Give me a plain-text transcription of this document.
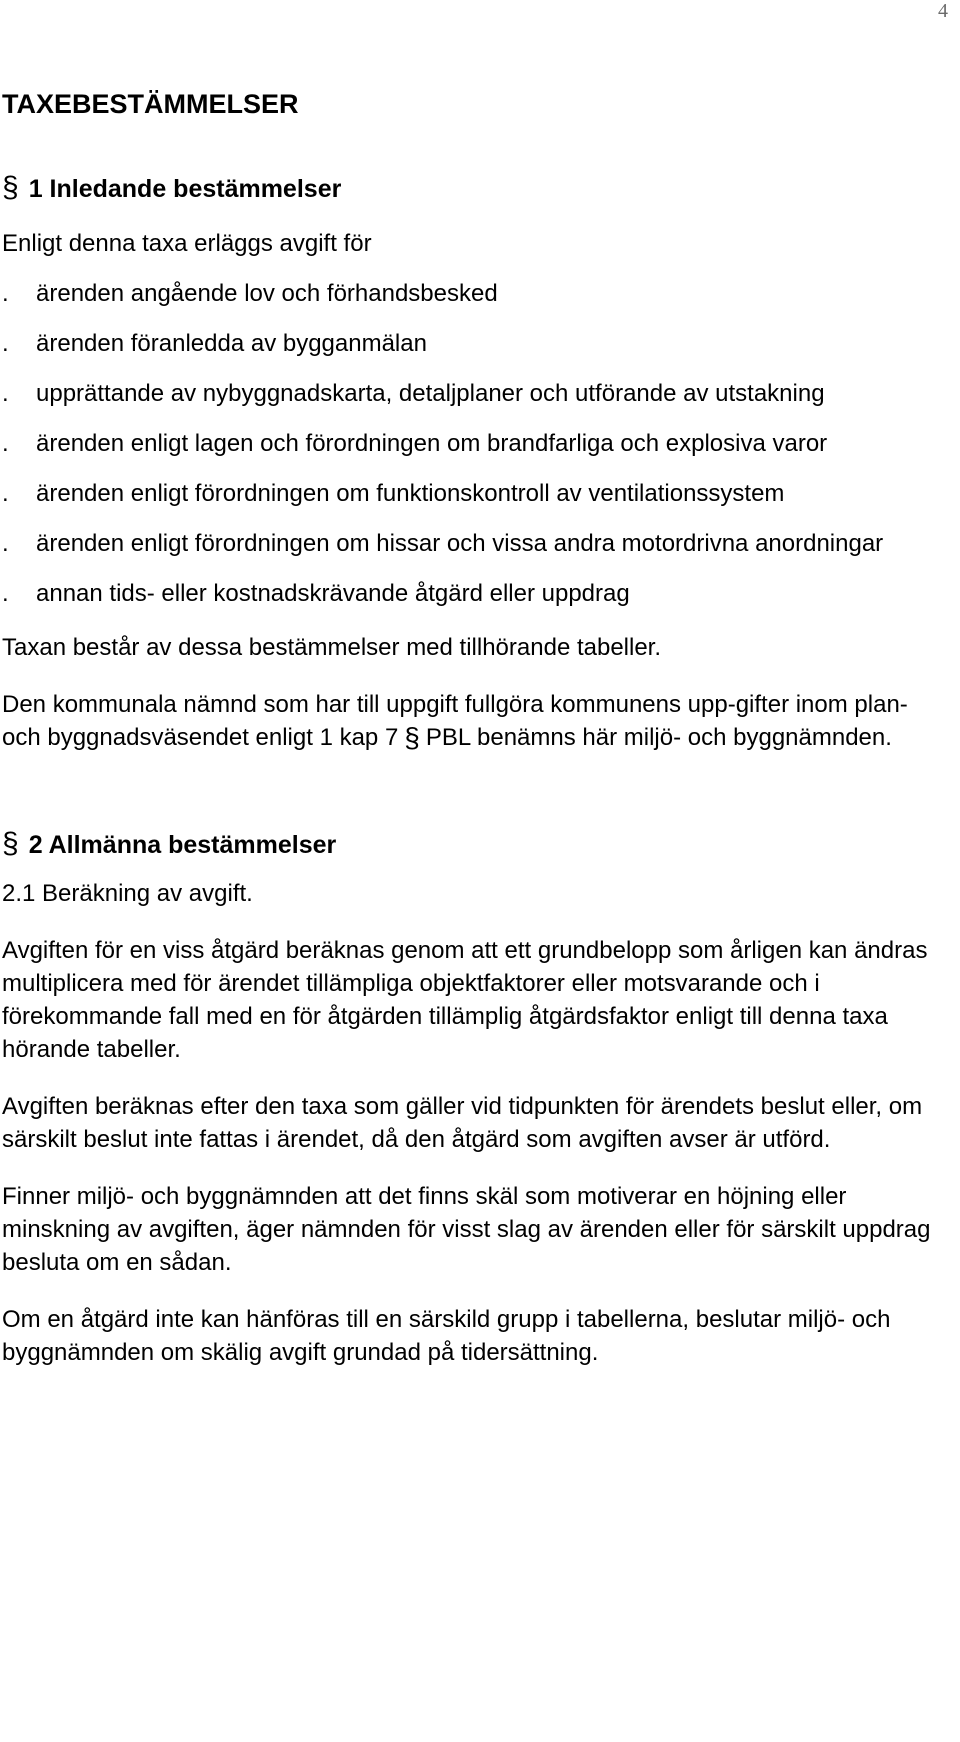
4
TAXEBESTÄMMELSER
§ 1 Inledande bestämmelser

Enligt denna taxa erläggs avgift för

. ärenden angående lov och förhandsbesked
. ärenden föranledda av bygganmälan
. upprättande av nybyggnadskarta, detaljplaner och utförande av utstakning
. ärenden enligt lagen och förordningen om brandfarliga och explosiva varor
. ärenden enligt förordningen om funktionskontroll av ventilationssystem
. ärenden enligt förordningen om hissar och vissa andra motordrivna anordningar
. annan tids- eller kostnadskrävande åtgärd eller uppdrag

Taxan består av dessa bestämmelser med tillhörande tabeller.

Den kommunala nämnd som har till uppgift fullgöra kommunens upp-gifter inom plan- och byggnadsväsendet enligt 1 kap 7 § PBL benämns här miljö- och byggnämnden.

§ 2 Allmänna bestämmelser

2.1 Beräkning av avgift.

Avgiften för en viss åtgärd beräknas genom att ett grundbelopp som årligen kan ändras multiplicera med för ärendet tillämpliga objektfaktorer eller motsvarande och i förekommande fall med en för åtgärden tillämplig åtgärdsfaktor enligt till denna taxa hörande tabeller.

Avgiften beräknas efter den taxa som gäller vid tidpunkten för ärendets beslut eller, om särskilt beslut inte fattas i ärendet, då den åtgärd som avgiften avser är utförd.

Finner miljö- och byggnämnden att det finns skäl som motiverar en höjning eller minskning av avgiften, äger nämnden för visst slag av ärenden eller för särskilt uppdrag besluta om en sådan.

Om en åtgärd inte kan hänföras till en särskild grupp i tabellerna, beslutar miljö- och byggnämnden om skälig avgift grundad på tidersättning.
